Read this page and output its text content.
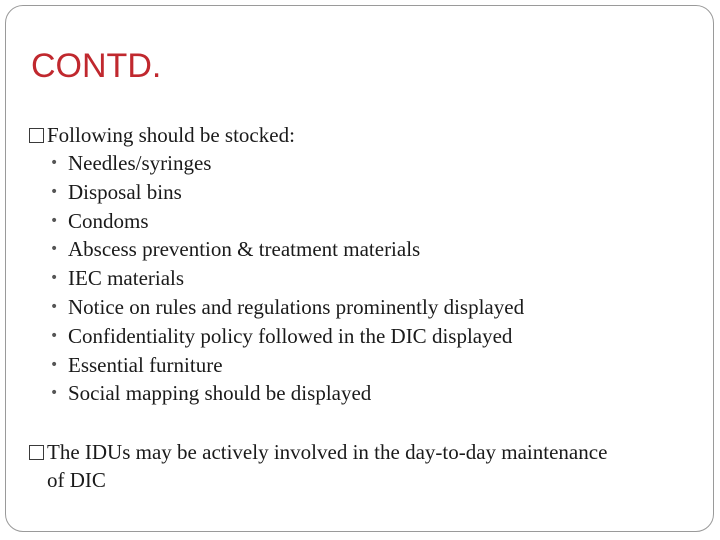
CONTD.
Following should be stocked:
• Needles/syringes
• Disposal bins
• Condoms
• Abscess prevention & treatment materials
• IEC materials
• Notice on rules and regulations prominently displayed
• Confidentiality policy followed in the DIC displayed
• Essential furniture
• Social mapping should be displayed
The IDUs may be actively involved in the day-to-day maintenance
of DIC
